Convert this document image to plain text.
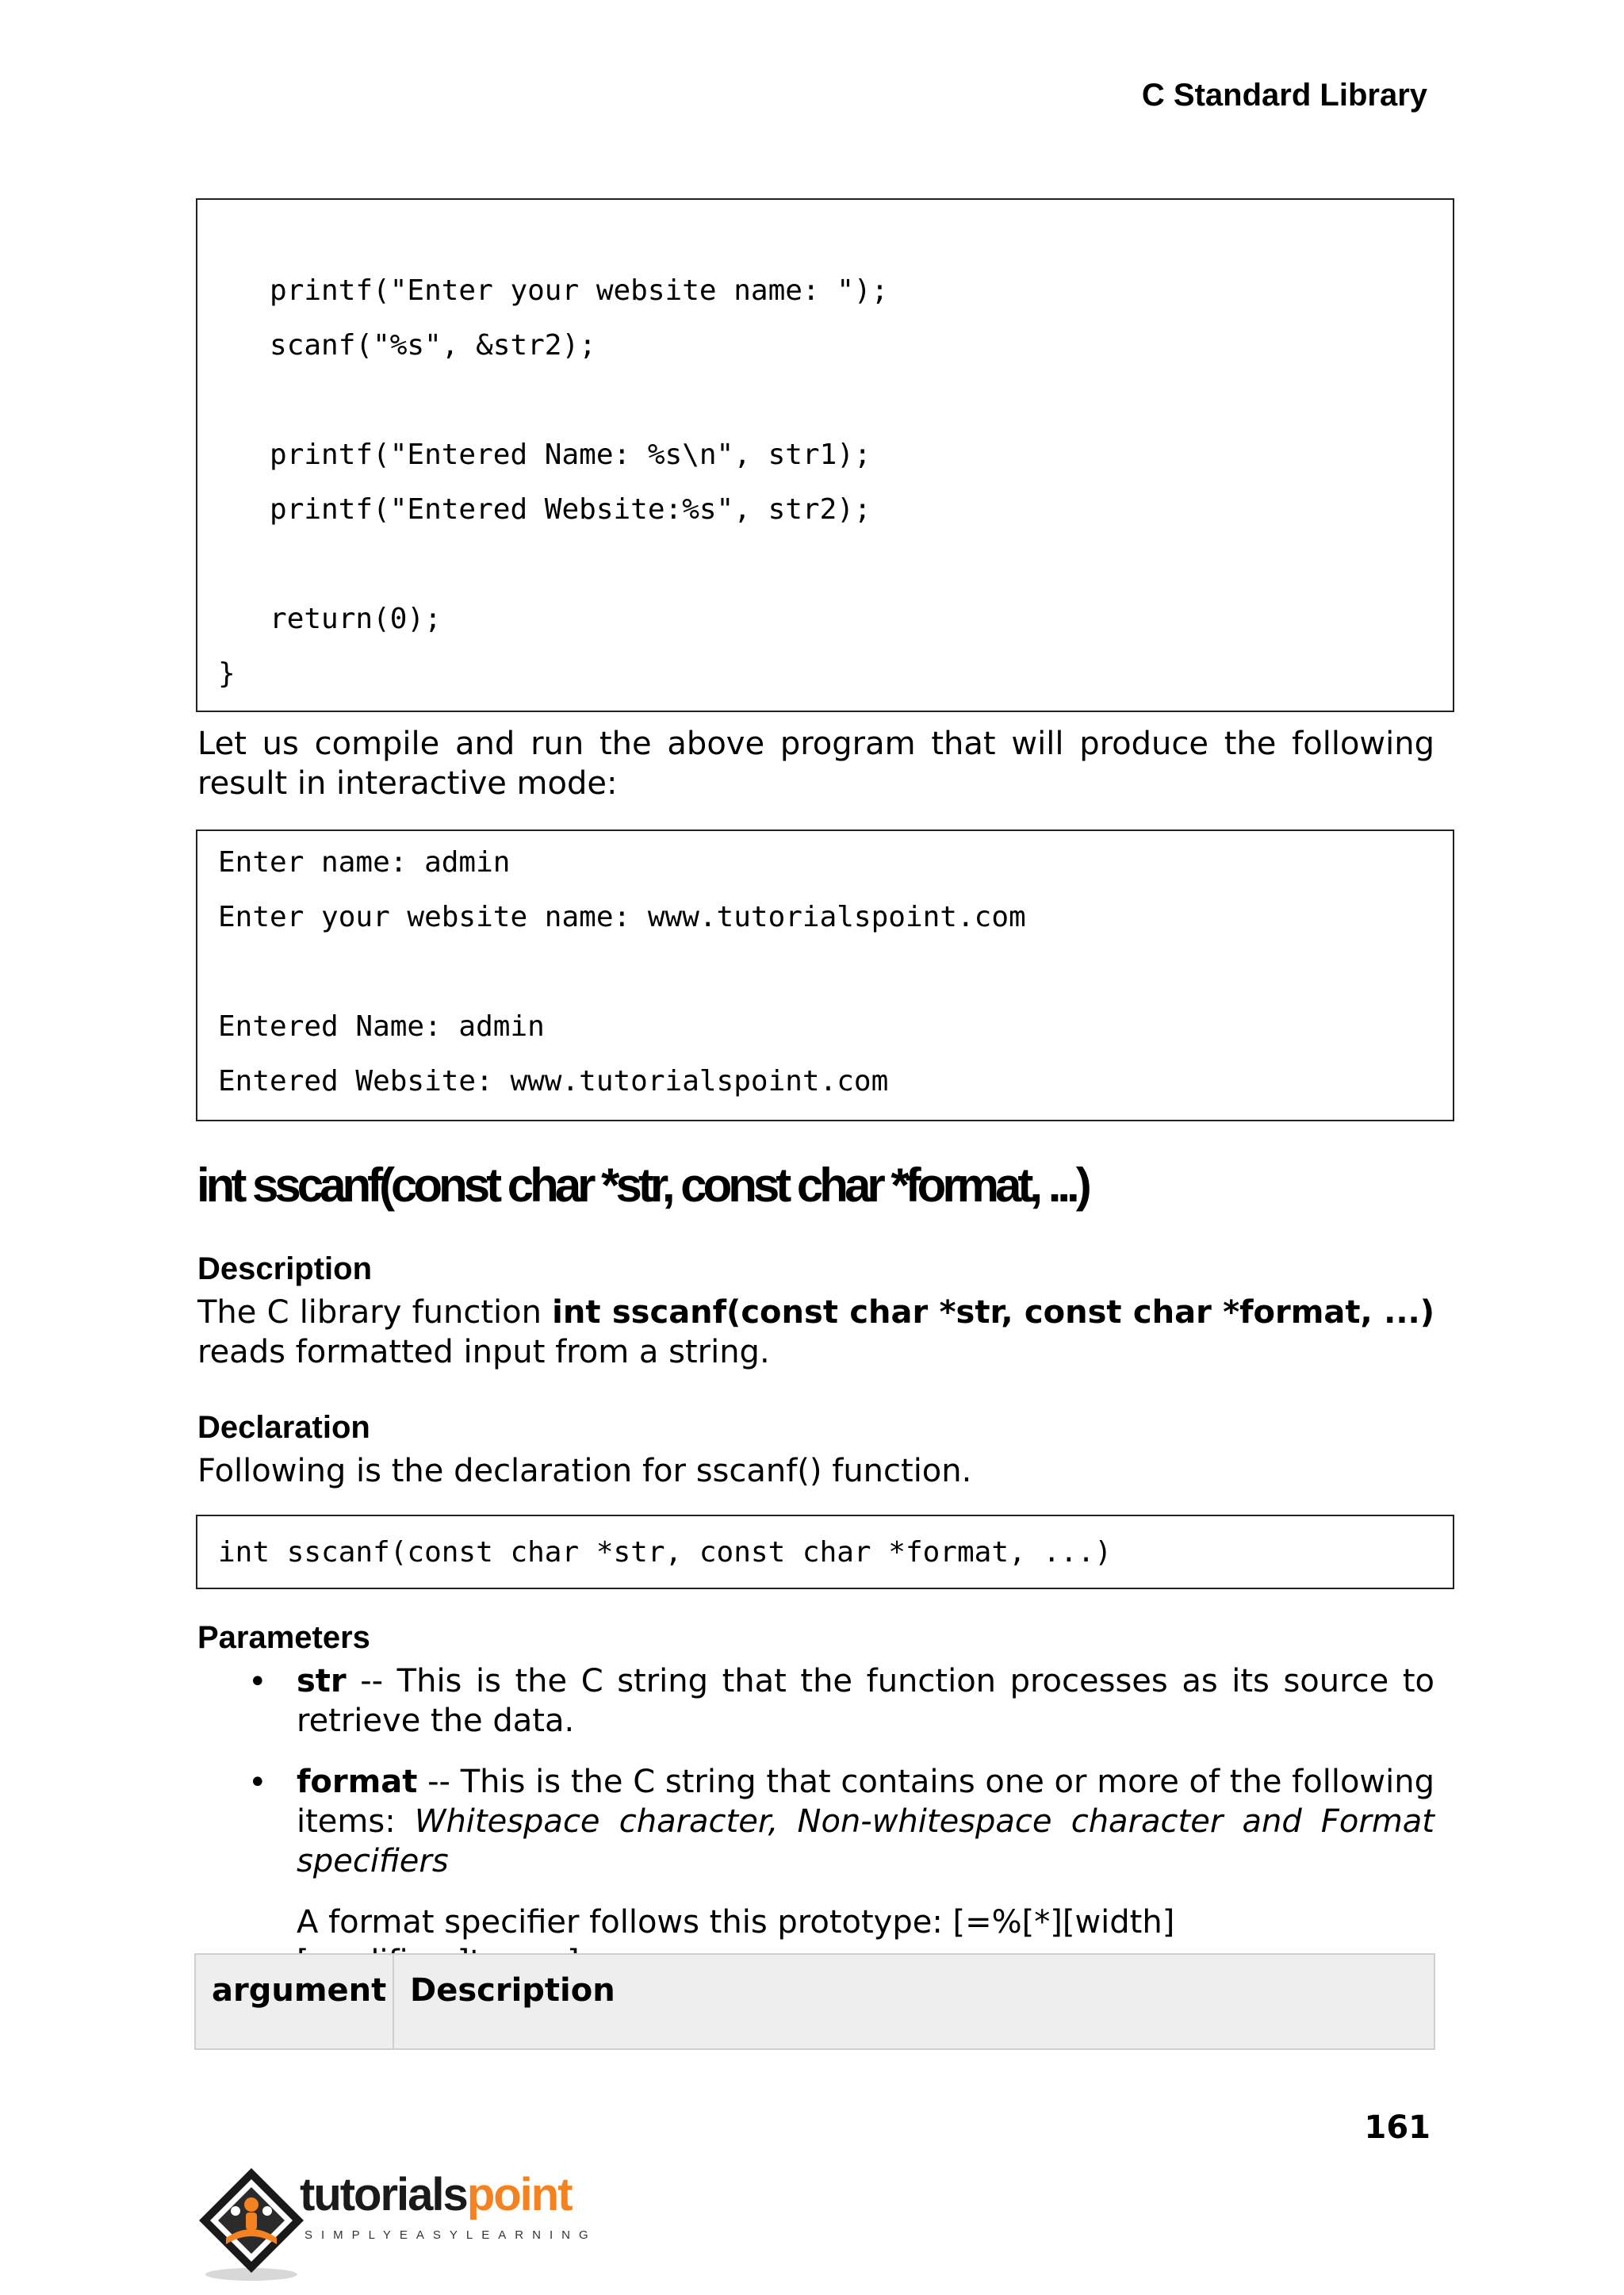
C Standard Library
printf("Enter your website name: ");
scanf("%s", &str2);
printf("Entered Name: %s\n", str1);
printf("Entered Website:%s", str2);
return(0);
}
Let us compile and run the above program that will produce the following result in interactive mode:
Enter name: admin
Enter your website name: www.tutorialspoint.com
Entered Name: admin
Entered Website: www.tutorialspoint.com
int sscanf(const char *str, const char *format, ...)
Description
The C library function int sscanf(const char *str, const char *format, ...) reads formatted input from a string.
Declaration
Following is the declaration for sscanf() function.
int sscanf(const char *str, const char *format, ...)
Parameters
• str -- This is the C string that the function processes as its source to retrieve the data.
• format -- This is the C string that contains one or more of the following items: Whitespace character, Non-whitespace character and Format specifiers
A format specifier follows this prototype: [=%[*][width]
argument Description
161
tutorialspoint
SIMPLYEASYLEARNING
